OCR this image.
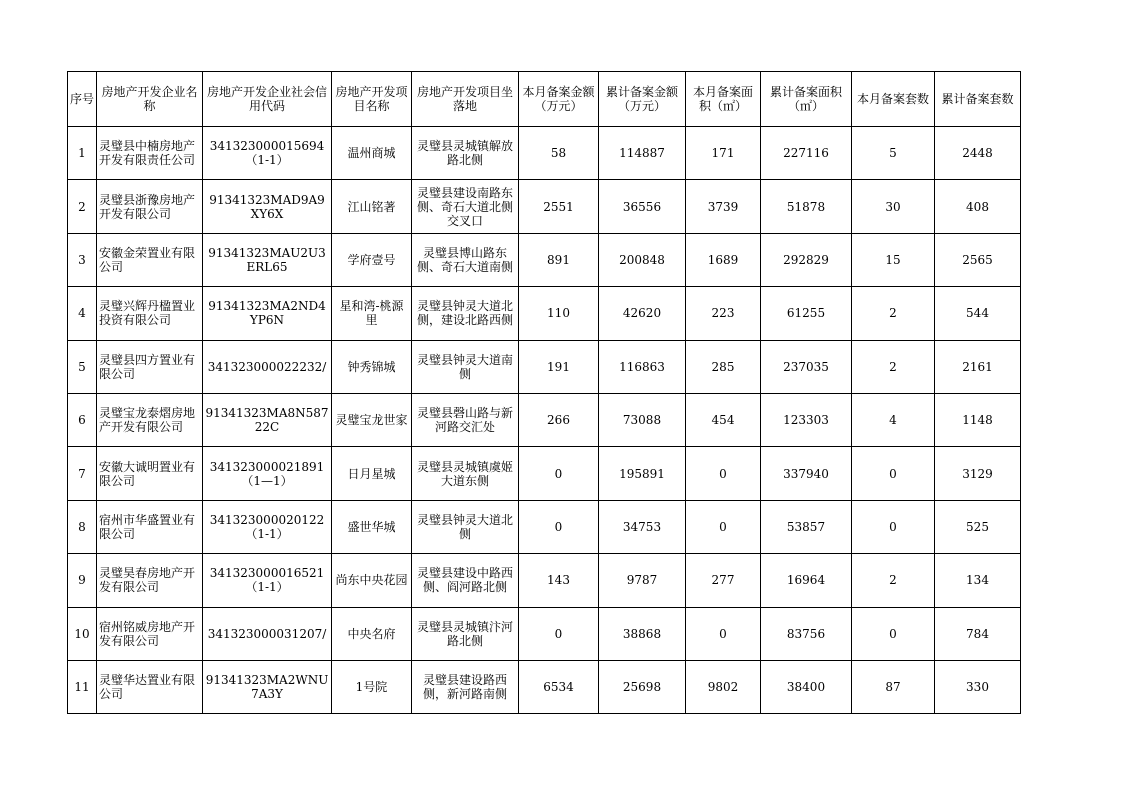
序号	房地产开发企业名称	房地产开发企业社会信用代码	房地产开发项目名称	房地产开发项目坐落地	本月备案金额（万元）	累计备案金额（万元）	本月备案面积（㎡）	累计备案面积（㎡）	本月备案套数	累计备案套数
1	灵璧县中楠房地产开发有限责任公司	341323000015694（1-1）	温州商城	灵璧县灵城镇解放路北侧	58	114887	171	227116	5	2448
2	灵璧县浙豫房地产开发有限公司	91341323MAD9A9XY6X	江山铭著	灵璧县建设南路东侧、奇石大道北侧交叉口	2551	36556	3739	51878	30	408
3	安徽金荣置业有限公司	91341323MAU2U3ERL65	学府壹号	灵璧县博山路东侧、奇石大道南侧	891	200848	1689	292829	15	2565
4	灵璧兴辉丹楹置业投资有限公司	91341323MA2ND4YP6N	星和湾-桃源里	灵璧县钟灵大道北侧，建设北路西侧	110	42620	223	61255	2	544
5	灵璧县四方置业有限公司	341323000022232/	钟秀锦城	灵璧县钟灵大道南侧	191	116863	285	237035	2	2161
6	灵璧宝龙泰熠房地产开发有限公司	91341323MA8N58722C	灵璧宝龙世家	灵璧县磬山路与新河路交汇处	266	73088	454	123303	4	1148
7	安徽大诚明置业有限公司	341323000021891（1—1）	日月星城	灵璧县灵城镇虞姬大道东侧	0	195891	0	337940	0	3129
8	宿州市华盛置业有限公司	341323000020122（1-1）	盛世华城	灵璧县钟灵大道北侧	0	34753	0	53857	0	525
9	灵璧昊春房地产开发有限公司	341323000016521（1-1）	尚东中央花园	灵璧县建设中路西侧、阎河路北侧	143	9787	277	16964	2	134
10	宿州铭威房地产开发有限公司	341323000031207/	中央名府	灵璧县灵城镇汴河路北侧	0	38868	0	83756	0	784
11	灵璧华达置业有限公司	91341323MA2WNU7A3Y	1号院	灵璧县建设路西侧，新河路南侧	6534	25698	9802	38400	87	330
